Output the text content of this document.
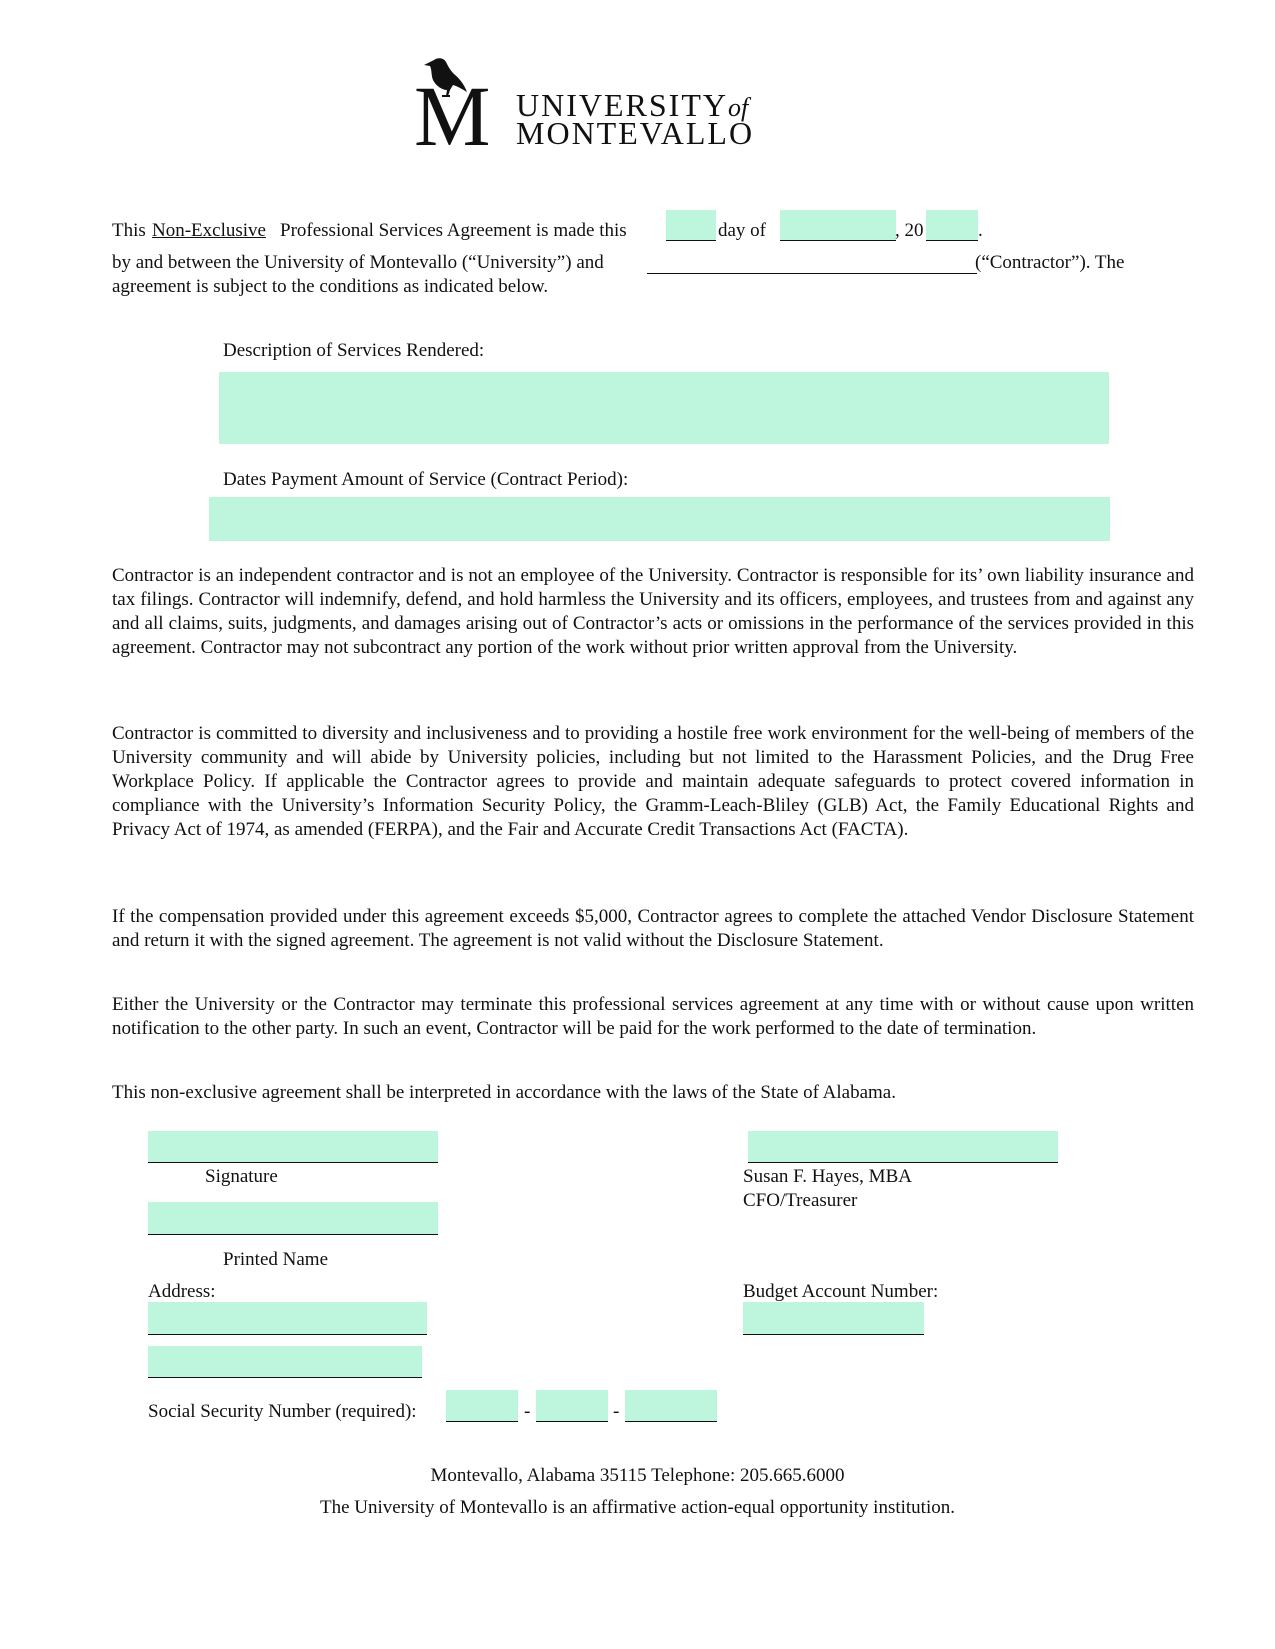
M UNIVERSITYof
MONTEVALLO
This Non-Exclusive Professional Services Agreement is made this	day of	, 20	.
by and between the University of Montevallo (“University”) and	(“Contractor”). The
agreement is subject to the conditions as indicated below.
Description of Services Rendered:
Dates Payment Amount of Service (Contract Period):

Contractor is an independent contractor and is not an employee of the University. Contractor is responsible for its’ own liability insurance and tax filings. Contractor will indemnify, defend, and hold harmless the University and its officers, employees, and trustees from and against any and all claims, suits, judgments, and damages arising out of Contractor’s acts or omissions in the performance of the services provided in this agreement. Contractor may not subcontract any portion of the work without prior written approval from the University.

Contractor is committed to diversity and inclusiveness and to providing a hostile free work environment for the well-being of members of the University community and will abide by University policies, including but not limited to the Harassment Policies, and the Drug Free Workplace Policy. If applicable the Contractor agrees to provide and maintain adequate safeguards to protect covered information in compliance with the University’s Information Security Policy, the Gramm-Leach-Bliley (GLB) Act, the Family Educational Rights and Privacy Act of 1974, as amended (FERPA), and the Fair and Accurate Credit Transactions Act (FACTA).

If the compensation provided under this agreement exceeds $5,000, Contractor agrees to complete the attached Vendor Disclosure Statement and return it with the signed agreement. The agreement is not valid without the Disclosure Statement.

Either the University or the Contractor may terminate this professional services agreement at any time with or without cause upon written notification to the other party. In such an event, Contractor will be paid for the work performed to the date of termination.

This non-exclusive agreement shall be interpreted in accordance with the laws of the State of Alabama.

Signature
Printed Name
Address:
Susan F. Hayes, MBA
CFO/Treasurer
Budget Account Number:
Social Security Number (required):	-	-
Montevallo, Alabama 35115 Telephone: 205.665.6000
The University of Montevallo is an affirmative action-equal opportunity institution.
